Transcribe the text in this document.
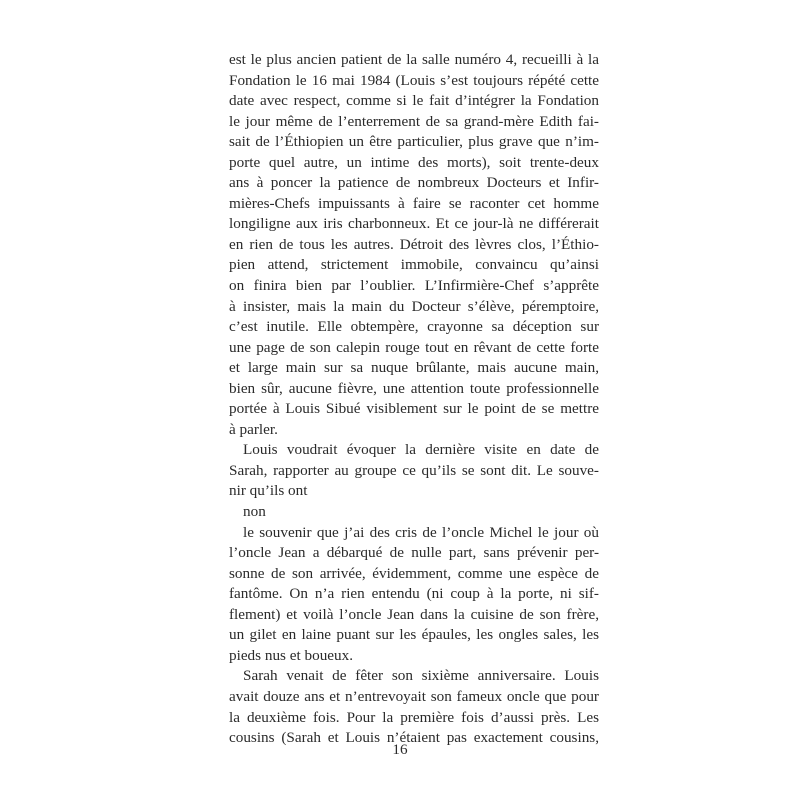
est le plus ancien patient de la salle numéro 4, recueilli à la
Fondation le 16 mai 1984 (Louis s’est toujours répété cette
date avec respect, comme si le fait d’intégrer la Fondation
le jour même de l’enterrement de sa grand-mère Edith fai-
sait de l’Éthiopien un être particulier, plus grave que n’im-
porte quel autre, un intime des morts), soit trente-deux
ans à poncer la patience de nombreux Docteurs et Infir-
mières-Chefs impuissants à faire se raconter cet homme
longiligne aux iris charbonneux. Et ce jour-là ne différerait
en rien de tous les autres. Détroit des lèvres clos, l’Éthio-
pien attend, strictement immobile, convaincu qu’ainsi
on finira bien par l’oublier. L’Infirmière-Chef s’apprête
à insister, mais la main du Docteur s’élève, péremptoire,
c’est inutile. Elle obtempère, crayonne sa déception sur
une page de son calepin rouge tout en rêvant de cette forte
et large main sur sa nuque brûlante, mais aucune main,
bien sûr, aucune fièvre, une attention toute professionnelle
portée à Louis Sibué visiblement sur le point de se mettre
à parler.
Louis voudrait évoquer la dernière visite en date de
Sarah, rapporter au groupe ce qu’ils se sont dit. Le souve-
nir qu’ils ont
non
le souvenir que j’ai des cris de l’oncle Michel le jour où
l’oncle Jean a débarqué de nulle part, sans prévenir per-
sonne de son arrivée, évidemment, comme une espèce de
fantôme. On n’a rien entendu (ni coup à la porte, ni sif-
flement) et voilà l’oncle Jean dans la cuisine de son frère,
un gilet en laine puant sur les épaules, les ongles sales, les
pieds nus et boueux.
Sarah venait de fêter son sixième anniversaire. Louis
avait douze ans et n’entrevoyait son fameux oncle que pour
la deuxième fois. Pour la première fois d’aussi près. Les
cousins (Sarah et Louis n’étaient pas exactement cousins,
16
